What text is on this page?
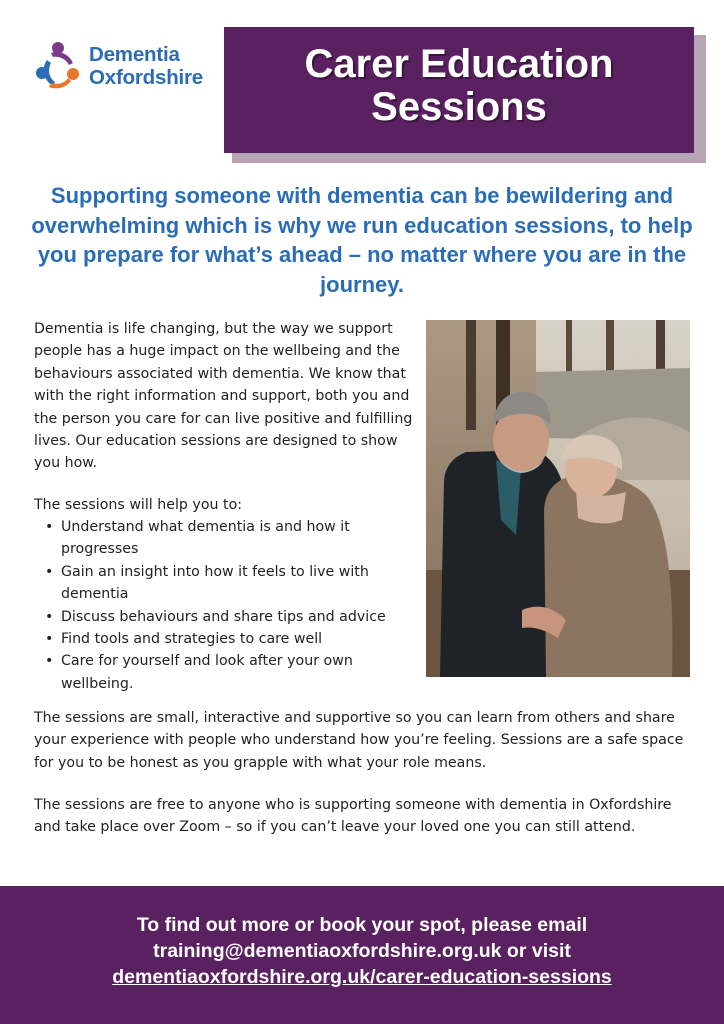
Dementia
Oxfordshire	Carer Education
Sessions
Supporting someone with dementia can be bewildering and overwhelming which is why we run education sessions, to help you prepare for what’s ahead – no matter where you are in the journey.
Dementia is life changing, but the way we support people has a huge impact on the wellbeing and the behaviours associated with dementia. We know that with the right information and support, both you and the person you care for can live positive and fulfilling lives. Our education sessions are designed to show you how.
The sessions will help you to:
• Understand what dementia is and how it progresses
• Gain an insight into how it feels to live with dementia
• Discuss behaviours and share tips and advice
• Find tools and strategies to care well
• Care for yourself and look after your own wellbeing.
The sessions are small, interactive and supportive so you can learn from others and share your experience with people who understand how you’re feeling. Sessions are a safe space for you to be honest as you grapple with what your role means.
The sessions are free to anyone who is supporting someone with dementia in Oxfordshire and take place over Zoom – so if you can’t leave your loved one you can still attend.
To find out more or book your spot, please email
training@dementiaoxfordshire.org.uk or visit
dementiaoxfordshire.org.uk/carer-education-sessions
